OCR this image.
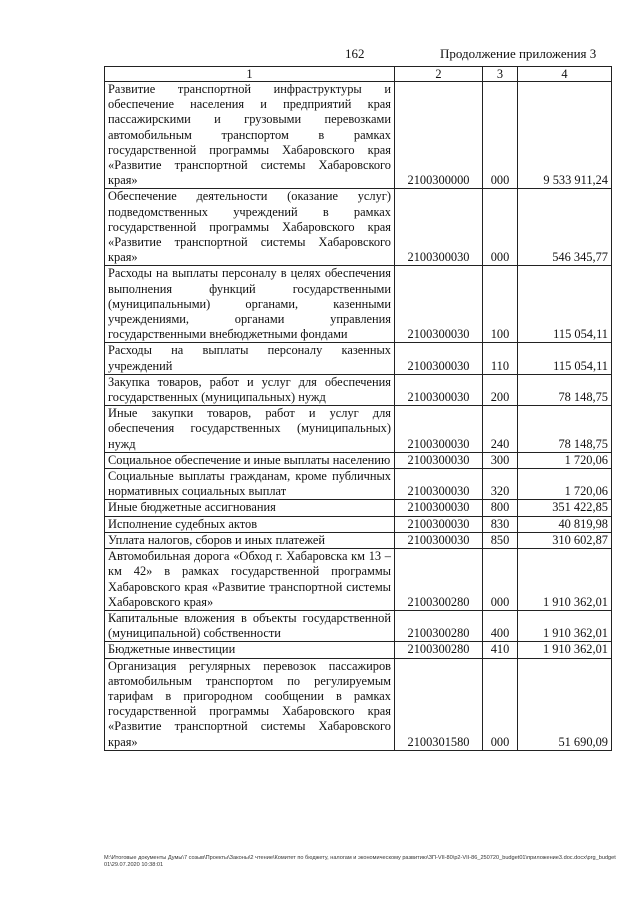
162	Продолжение приложения 3
1	2	3	4
Развитие транспортной инфраструктуры и обеспечение населения и предприятий края пассажирскими и грузовыми перевозками автомобильным транспортом в рамках государственной программы Хабаровского края «Развитие транспортной системы Хабаровского края»	2100300000	000	9 533 911,24
Обеспечение деятельности (оказание услуг) подведомственных учреждений в рамках государственной программы Хабаровского края «Развитие транспортной системы Хабаровского края»	2100300030	000	546 345,77
Расходы на выплаты персоналу в целях обеспечения выполнения функций государственными (муниципальными) органами, казенными учреждениями, органами управления государственными внебюджетными фондами	2100300030	100	115 054,11
Расходы на выплаты персоналу казенных учреждений	2100300030	110	115 054,11
Закупка товаров, работ и услуг для обеспечения государственных (муниципальных) нужд	2100300030	200	78 148,75
Иные закупки товаров, работ и услуг для обеспечения государственных (муниципальных) нужд	2100300030	240	78 148,75
Социальное обеспечение и иные выплаты населению	2100300030	300	1 720,06
Социальные выплаты гражданам, кроме публичных нормативных социальных выплат	2100300030	320	1 720,06
Иные бюджетные ассигнования	2100300030	800	351 422,85
Исполнение судебных актов	2100300030	830	40 819,98
Уплата налогов, сборов и иных платежей	2100300030	850	310 602,87
Автомобильная дорога «Обход г. Хабаровска км 13 – км 42» в рамках государственной программы Хабаровского края «Развитие транспортной системы Хабаровского края»	2100300280	000	1 910 362,01
Капитальные вложения в объекты государственной (муниципальной) собственности	2100300280	400	1 910 362,01
Бюджетные инвестиции	2100300280	410	1 910 362,01
Организация регулярных перевозок пассажиров автомобильным транспортом по регулируемым тарифам в пригородном сообщении в рамках государственной программы Хабаровского края «Развитие транспортной системы Хабаровского края»	2100301580	000	51 690,09
M:\Итоговые документы Думы\7 созыв\Проекты\Законы\2 чтение\Комитет по бюджету, налогам и экономическому развитию\ЗП-VII-80\р2-VII-86_250720_budget01\приложение3.doc.docx\prg_budget01\29.07.2020 10:38:01
